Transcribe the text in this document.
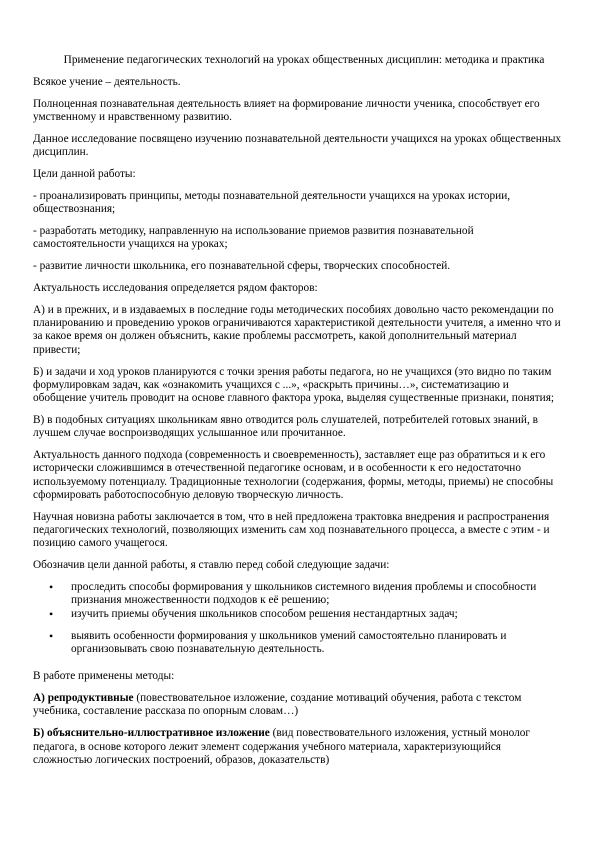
Применение педагогических технологий на уроках общественных дисциплин: методика и практика

Всякое учение – деятельность.

Полноценная познавательная деятельность влияет на формирование личности ученика, способствует его умственному и нравственному развитию.

Данное исследование посвящено изучению познавательной деятельности учащихся на уроках общественных дисциплин.

Цели данной работы:

- проанализировать принципы, методы познавательной деятельности учащихся на уроках истории, обществознания;

- разработать методику, направленную на использование приемов развития познавательной самостоятельности учащихся на уроках;

- развитие личности школьника, его познавательной сферы, творческих способностей.

Актуальность исследования определяется рядом факторов:

А) и в прежних, и в издаваемых в последние годы методических пособиях довольно часто рекомендации по планированию и проведению уроков ограничиваются характеристикой деятельности учителя, а именно что и за какое время он должен объяснить, какие проблемы рассмотреть, какой дополнительный материал привести;

Б) и задачи и ход уроков планируются с точки зрения работы педагога, но не учащихся (это видно по таким формулировкам задач, как «ознакомить учащихся с ...», «раскрыть причины…», систематизацию и обобщение учитель проводит на основе главного фактора урока, выделяя существенные признаки, понятия;

В) в подобных ситуациях школьникам явно отводится роль слушателей, потребителей готовых знаний, в лучшем случае воспроизводящих услышанное или прочитанное.

Актуальность данного подхода (современность и своевременность), заставляет еще раз обратиться и к его исторически сложившимся в отечественной педагогике основам, и в особенности к его недостаточно используемому потенциалу. Традиционные технологии (содержания, формы, методы, приемы) не способны сформировать работоспособную деловую творческую личность.

Научная новизна работы заключается в том, что в ней предложена трактовка внедрения и распространения педагогических технологий, позволяющих изменить сам ход познавательного процесса, а вместе с этим - и позицию самого учащегося.

Обозначив цели данной работы, я ставлю перед собой следующие задачи:

• проследить способы формирования у школьников системного видения проблемы и способности признания множественности подходов к её решению;
• изучить приемы обучения школьников способом решения нестандартных задач;
• выявить особенности формирования у школьников умений самостоятельно планировать и организовывать свою познавательную деятельность.

В работе применены методы:

А) репродуктивные (повествовательное изложение, создание мотиваций обучения, работа с текстом учебника, составление рассказа по опорным словам…)

Б) объяснительно-иллюстративное изложение (вид повествовательного изложения, устный монолог педагога, в основе которого лежит элемент содержания учебного материала, характеризующийся сложностью логических построений, образов, доказательств)
